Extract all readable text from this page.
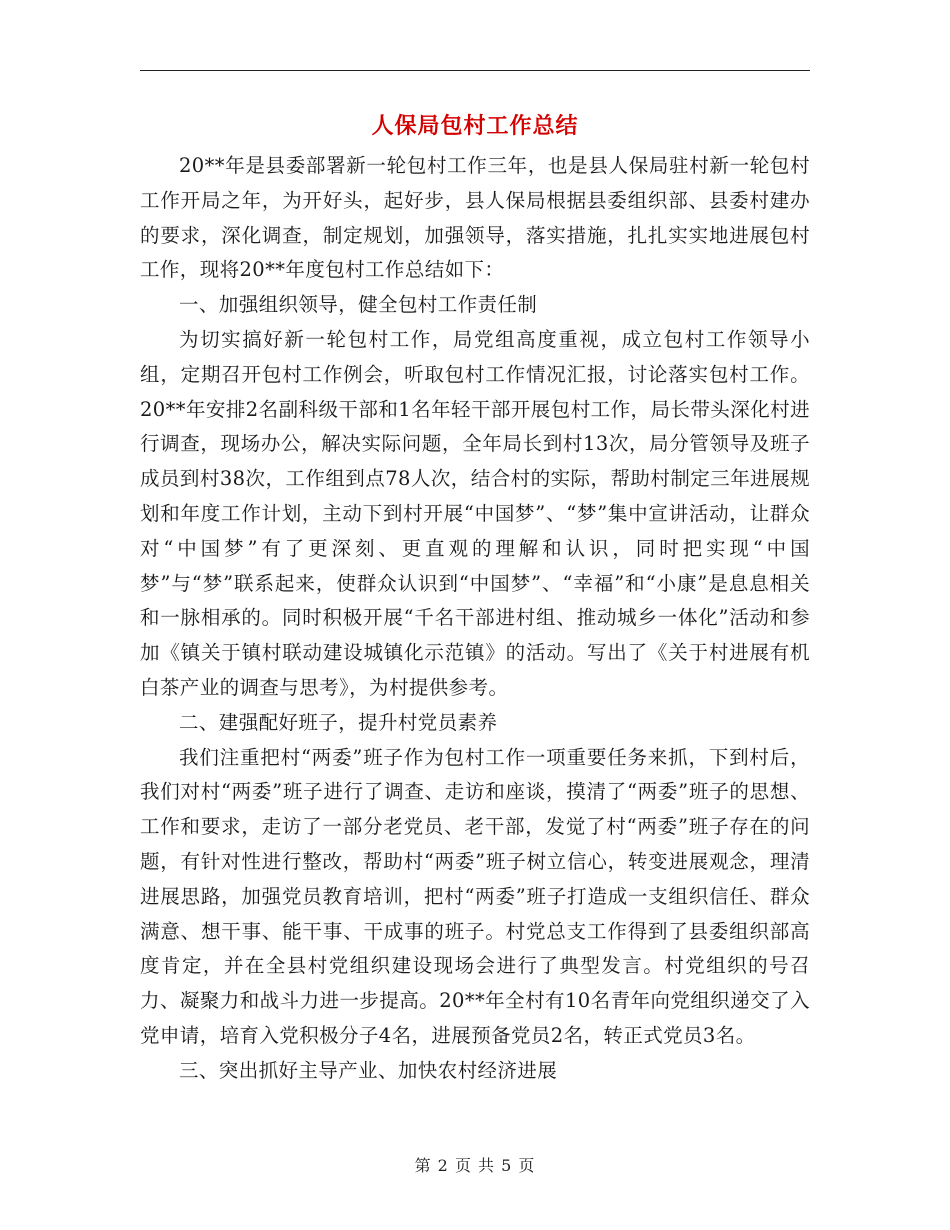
人保局包村工作总结

20**年是县委部署新一轮包村工作三年，也是县人保局驻村新一轮包村工作开局之年，为开好头，起好步，县人保局根据县委组织部、县委村建办的要求，深化调查，制定规划，加强领导，落实措施，扎扎实实地进展包村工作，现将20**年度包村工作总结如下：

一、加强组织领导，健全包村工作责任制

为切实搞好新一轮包村工作，局党组高度重视，成立包村工作领导小组，定期召开包村工作例会，听取包村工作情况汇报，讨论落实包村工作。20**年安排2名副科级干部和1名年轻干部开展包村工作，局长带头深化村进行调查，现场办公，解决实际问题，全年局长到村13次，局分管领导及班子成员到村38次，工作组到点78人次，结合村的实际，帮助村制定三年进展规划和年度工作计划，主动下到村开展“中国梦”、“梦”集中宣讲活动，让群众对“中国梦”有了更深刻、更直观的理解和认识，同时把实现“中国梦”与“梦”联系起来，使群众认识到“中国梦”、“幸福”和“小康”是息息相关和一脉相承的。同时积极开展“千名干部进村组、推动城乡一体化”活动和参加《镇关于镇村联动建设城镇化示范镇》的活动。写出了《关于村进展有机白茶产业的调查与思考》，为村提供参考。

二、建强配好班子，提升村党员素养

我们注重把村“两委”班子作为包村工作一项重要任务来抓，下到村后，我们对村“两委”班子进行了调查、走访和座谈，摸清了“两委”班子的思想、工作和要求，走访了一部分老党员、老干部，发觉了村“两委”班子存在的问题，有针对性进行整改，帮助村“两委”班子树立信心，转变进展观念，理清进展思路，加强党员教育培训，把村“两委”班子打造成一支组织信任、群众满意、想干事、能干事、干成事的班子。村党总支工作得到了县委组织部高度肯定，并在全县村党组织建设现场会进行了典型发言。村党组织的号召力、凝聚力和战斗力进一步提高。20**年全村有10名青年向党组织递交了入党申请，培育入党积极分子4名，进展预备党员2名，转正式党员3名。

三、突出抓好主导产业、加快农村经济进展

第 2 页 共 5 页
